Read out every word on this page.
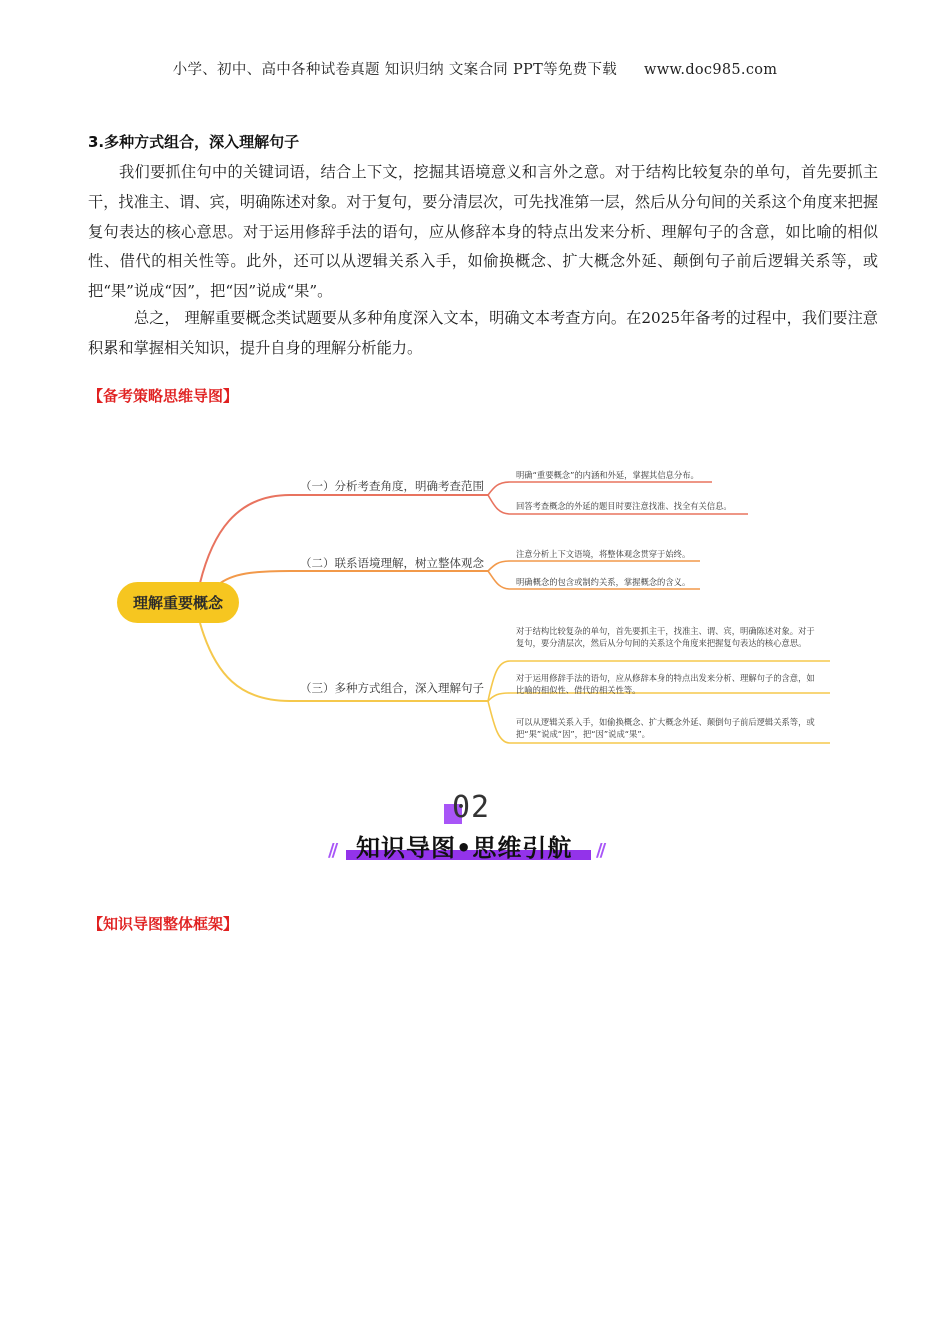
小学、初中、高中各种试卷真题 知识归纳 文案合同 PPT等免费下载 www.doc985.com
3.多种方式组合，深入理解句子
我们要抓住句中的关键词语，结合上下文，挖掘其语境意义和言外之意。对于结构比较复杂的单句，首先要抓主干，找准主、谓、宾，明确陈述对象。对于复句，要分清层次，可先找准第一层，然后从分句间的关系这个角度来把握复句表达的核心意思。对于运用修辞手法的语句，应从修辞本身的特点出发来分析、理解句子的含意，如比喻的相似性、借代的相关性等。此外，还可以从逻辑关系入手，如偷换概念、扩大概念外延、颠倒句子前后逻辑关系等，或把“果”说成“因”，把“因”说成“果”。
总之， 理解重要概念类试题要从多种角度深入文本，明确文本考查方向。在2025年备考的过程中，我们要注意积累和掌握相关知识，提升自身的理解分析能力。
【备考策略思维导图】
理解重要概念
（一）分析考查角度，明确考查范围
明确“重要概念”的内涵和外延，掌握其信息分布。
回答考查概念的外延的题目时要注意找准、找全有关信息。
（二）联系语境理解，树立整体观念
注意分析上下文语境，将整体观念贯穿于始终。
明确概念的包含或制约关系，掌握概念的含义。
（三）多种方式组合，深入理解句子
对于结构比较复杂的单句，首先要抓主干，找准主、谓、宾，明确陈述对象。对于复句，要分清层次，然后从分句间的关系这个角度来把握复句表达的核心意思。
对于运用修辞手法的语句，应从修辞本身的特点出发来分析、理解句子的含意，如比喻的相似性、借代的相关性等。
可以从逻辑关系入手，如偷换概念、扩大概念外延、颠倒句子前后逻辑关系等，或把“果”说成“因”，把“因”说成“果”。
02
// 知识导图•思维引航 //
【知识导图整体框架】
